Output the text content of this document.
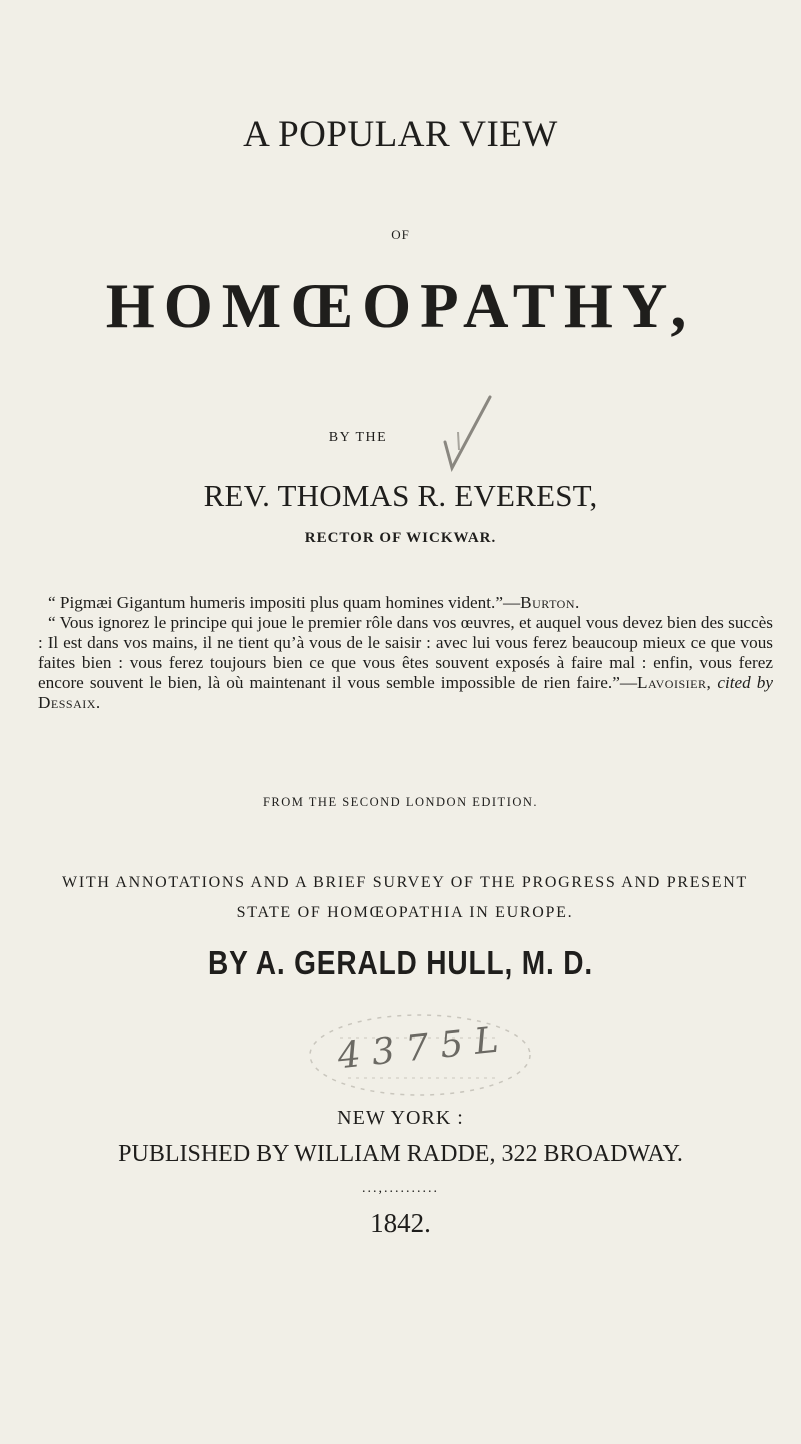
A POPULAR VIEW
OF
HOMŒOPATHY,
BY THE
REV. THOMAS R. EVEREST,
RECTOR OF WICKWAR.

“ Pigmæi Gigantum humeris impositi plus quam homines vident.”—Burton.

“ Vous ignorez le principe qui joue le premier rôle dans vos œuvres, et auquel vous devez bien des succès : Il est dans vos mains, il ne tient qu’à vous de le saisir : avec lui vous ferez beaucoup mieux ce que vous faites bien : vous ferez toujours bien ce que vous êtes souvent exposés à faire mal : enfin, vous ferez encore souvent le bien, là où maintenant il vous semble impossible de rien faire.”—Lavoisier, cited by Dessaix.

FROM THE SECOND LONDON EDITION.
WITH ANNOTATIONS AND A BRIEF SURVEY OF THE PROGRESS AND PRESENT STATE OF HOMŒOPATHIA IN EUROPE.
BY A. GERALD HULL, M. D.
4 3 7 5 L
NEW YORK :
PUBLISHED BY WILLIAM RADDE, 322 BROADWAY.
...,..........
1842.
